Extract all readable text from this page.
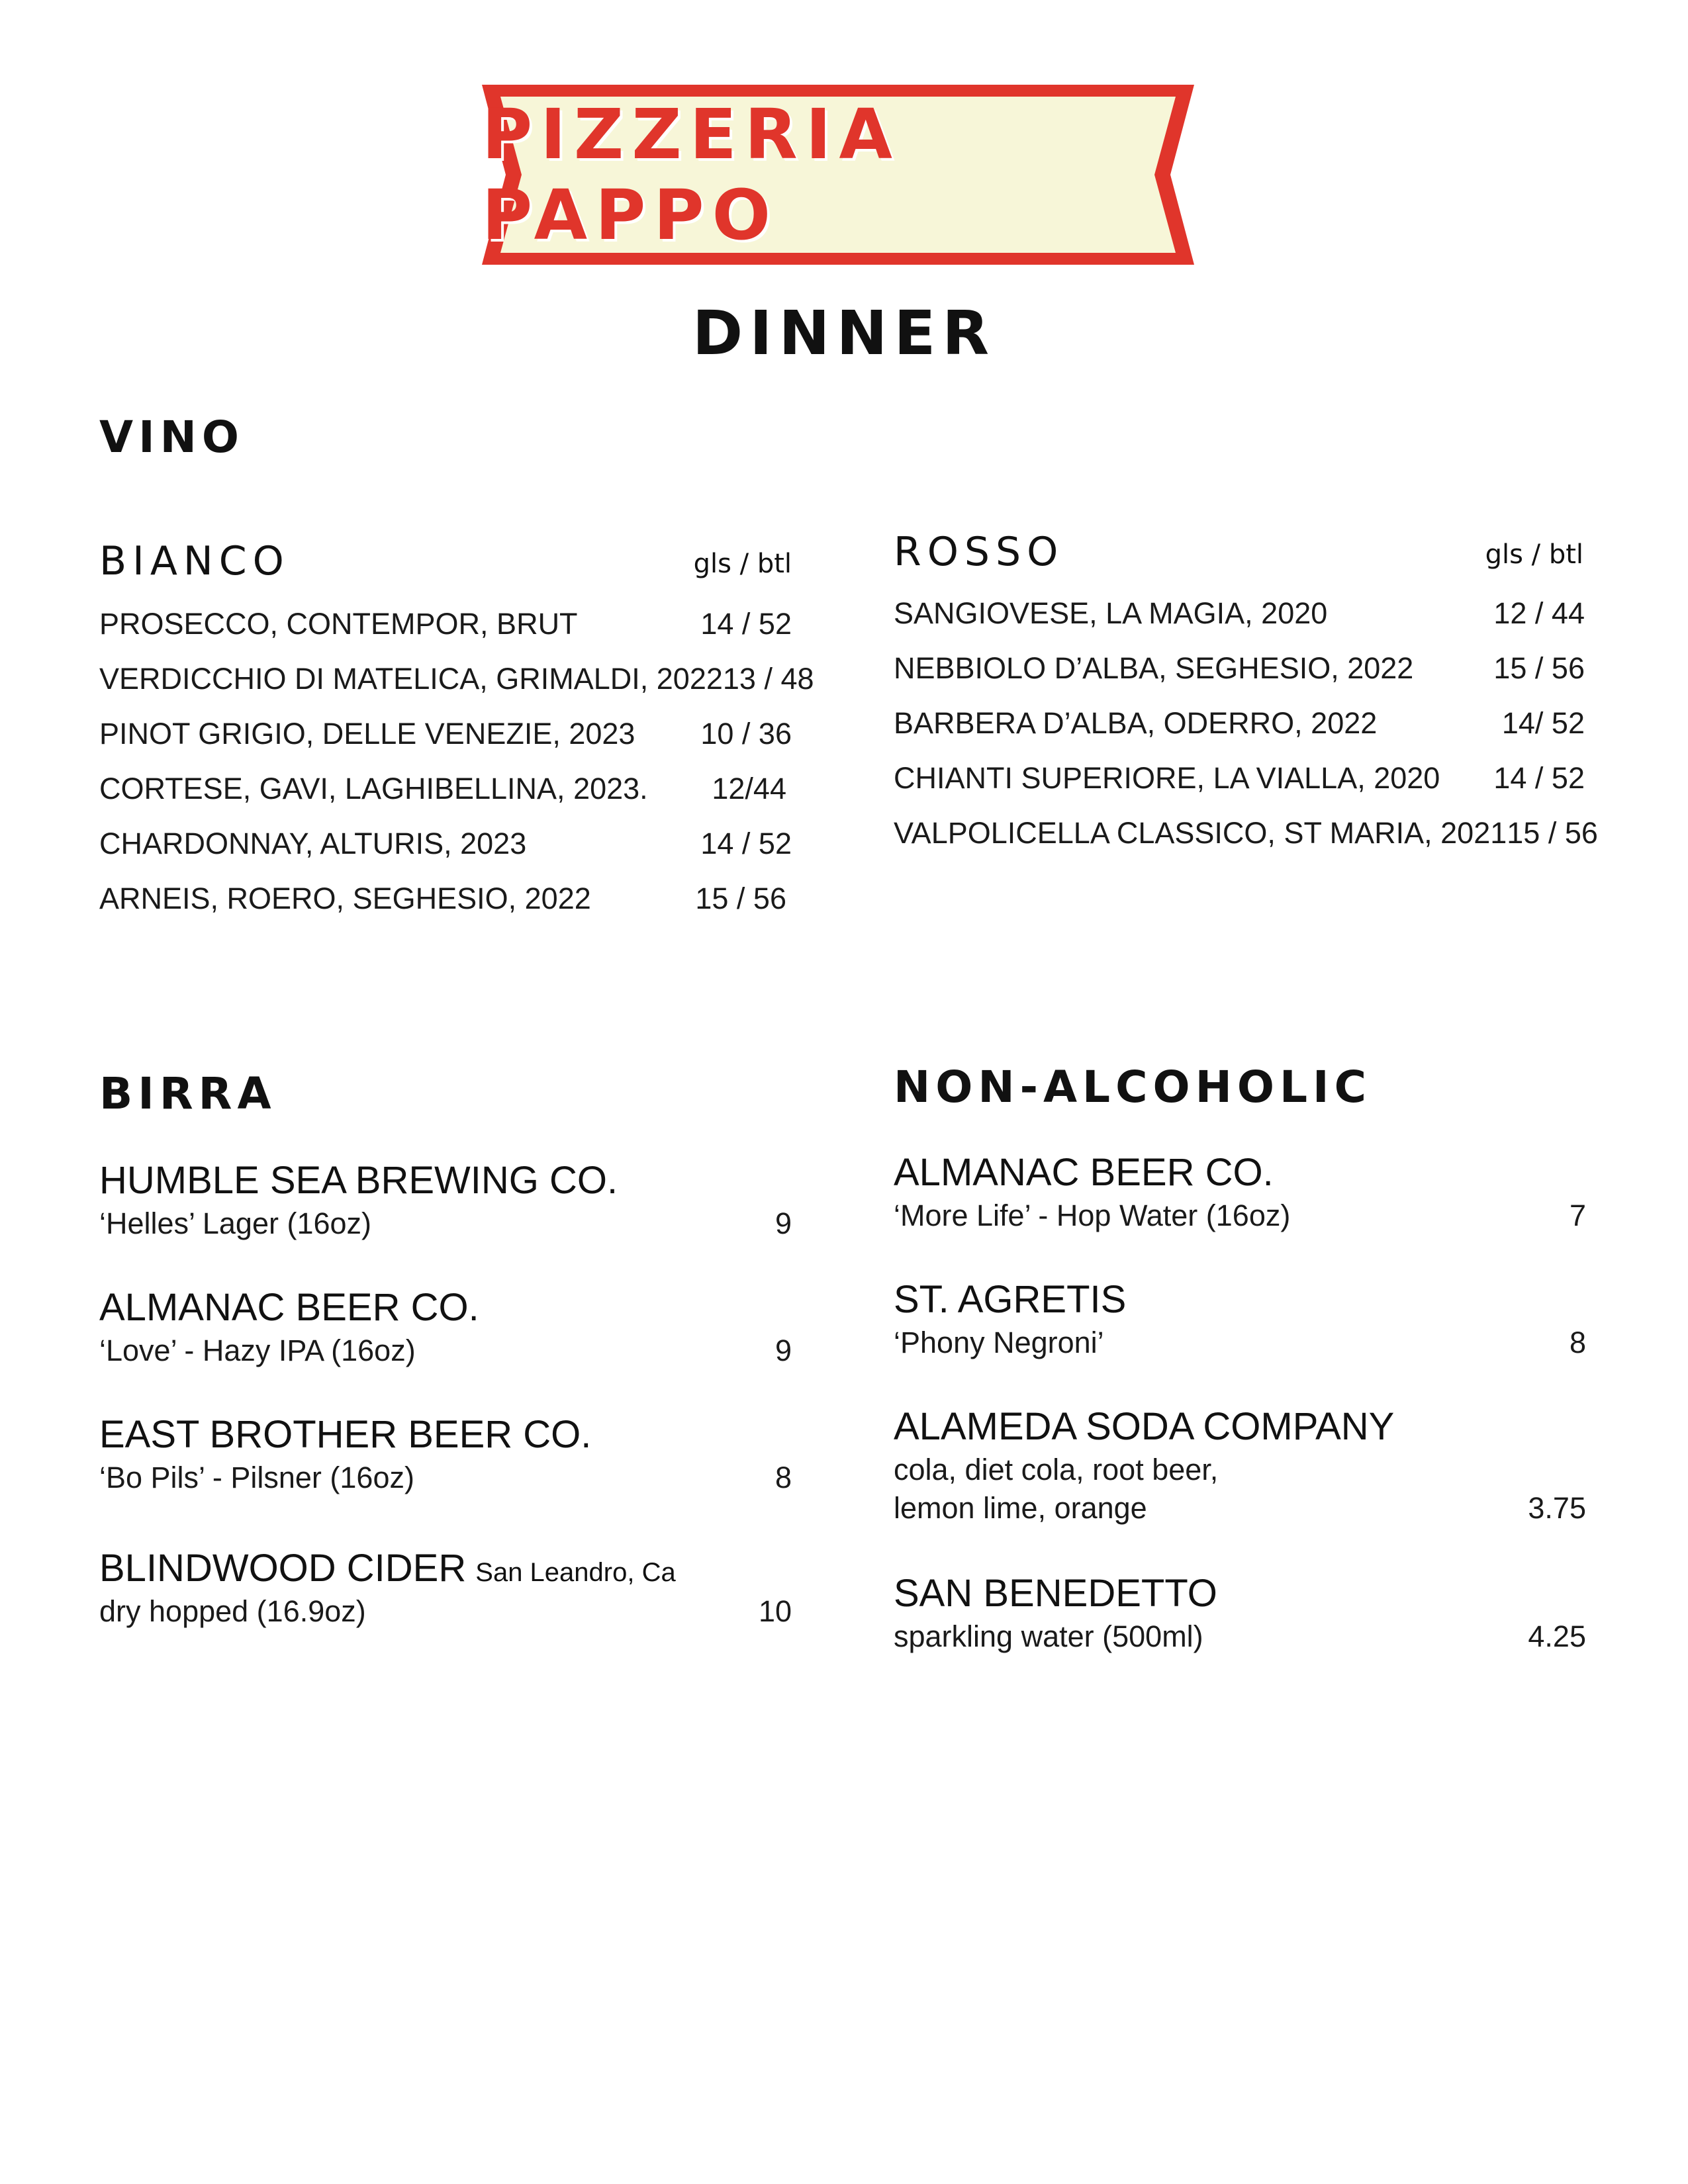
PIZZERIA PAPPO
DINNER
VINO
BIANCO	gls / btl
PROSECCO, CONTEMPOR, BRUT	14 / 52
VERDICCHIO DI MATELICA, GRIMALDI, 2022 13 / 48
PINOT GRIGIO, DELLE VENEZIE, 2023 10 / 36
CORTESE, GAVI, LAGHIBELLINA, 2023. 12/44
CHARDONNAY, ALTURIS, 2023	14 / 52
ARNEIS, ROERO, SEGHESIO, 2022	15 / 56
ROSSO	gls / btl
SANGIOVESE, LA MAGIA, 2020	12 / 44
NEBBIOLO D’ALBA, SEGHESIO, 2022	15 / 56
BARBERA D’ALBA, ODERRO, 2022	14/ 52
CHIANTI SUPERIORE, LA VIALLA, 2020 14 / 52
VALPOLICELLA CLASSICO, ST MARIA, 2021 15 / 56
BIRRA
HUMBLE SEA BREWING CO.
‘Helles’ Lager (16oz)	9
ALMANAC BEER CO.
‘Love’ - Hazy IPA (16oz)	9
EAST BROTHER BEER CO.
‘Bo Pils’ - Pilsner (16oz)	8
BLINDWOOD CIDER San Leandro, Ca
dry hopped (16.9oz)	10
NON-ALCOHOLIC
ALMANAC BEER CO.
‘More Life’ - Hop Water (16oz)	7
ST. AGRETIS
‘Phony Negroni’	8
ALAMEDA SODA COMPANY
cola, diet cola, root beer,
lemon lime, orange	3.75
SAN BENEDETTO
sparkling water (500ml)	4.25
